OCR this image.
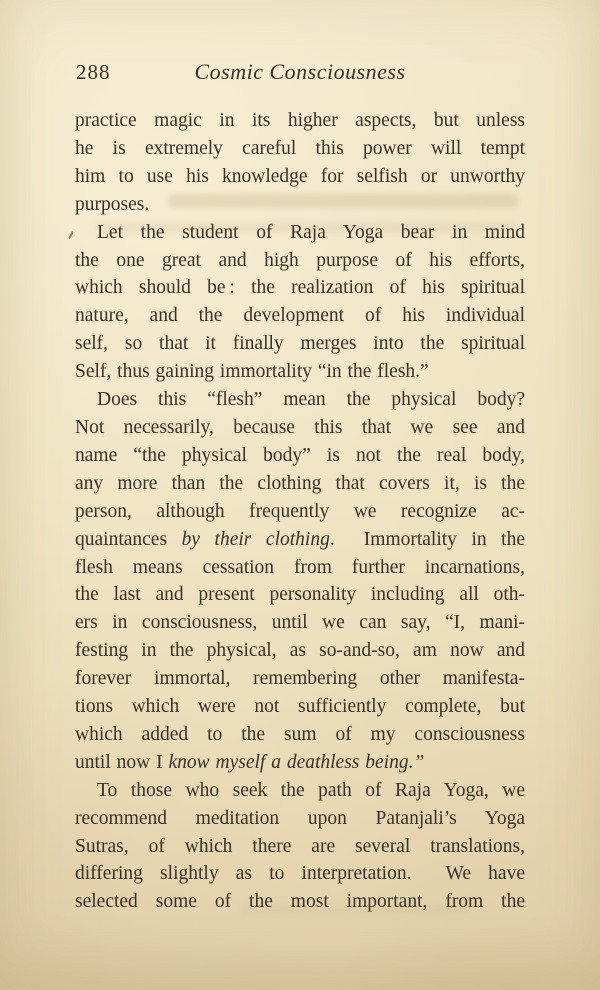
288	Cosmic Consciousness
practice magic in its higher aspects, but unless
he is extremely careful this power will tempt
him to use his knowledge for selfish or unworthy
purposes.
Let the student of Raja Yoga bear in mind
the one great and high purpose of his efforts,
which should be : the realization of his spiritual
nature, and the development of his individual
self, so that it finally merges into the spiritual
Self, thus gaining immortality “in the flesh.”
Does this “flesh” mean the physical body?
Not necessarily, because this that we see and
name “the physical body” is not the real body,
any more than the clothing that covers it, is the
person, although frequently we recognize ac-
quaintances by their clothing.  Immortality in the
flesh means cessation from further incarnations,
the last and present personality including all oth-
ers in consciousness, until we can say, “I, mani-
festing in the physical, as so-and-so, am now and
forever immortal, remembering other manifesta-
tions which were not sufficiently complete, but
which added to the sum of my consciousness
until now I know myself a deathless being.”
To those who seek the path of Raja Yoga, we
recommend meditation upon Patanjali’s Yoga
Sutras, of which there are several translations,
differing slightly as to interpretation.  We have
selected some of the most important, from the
